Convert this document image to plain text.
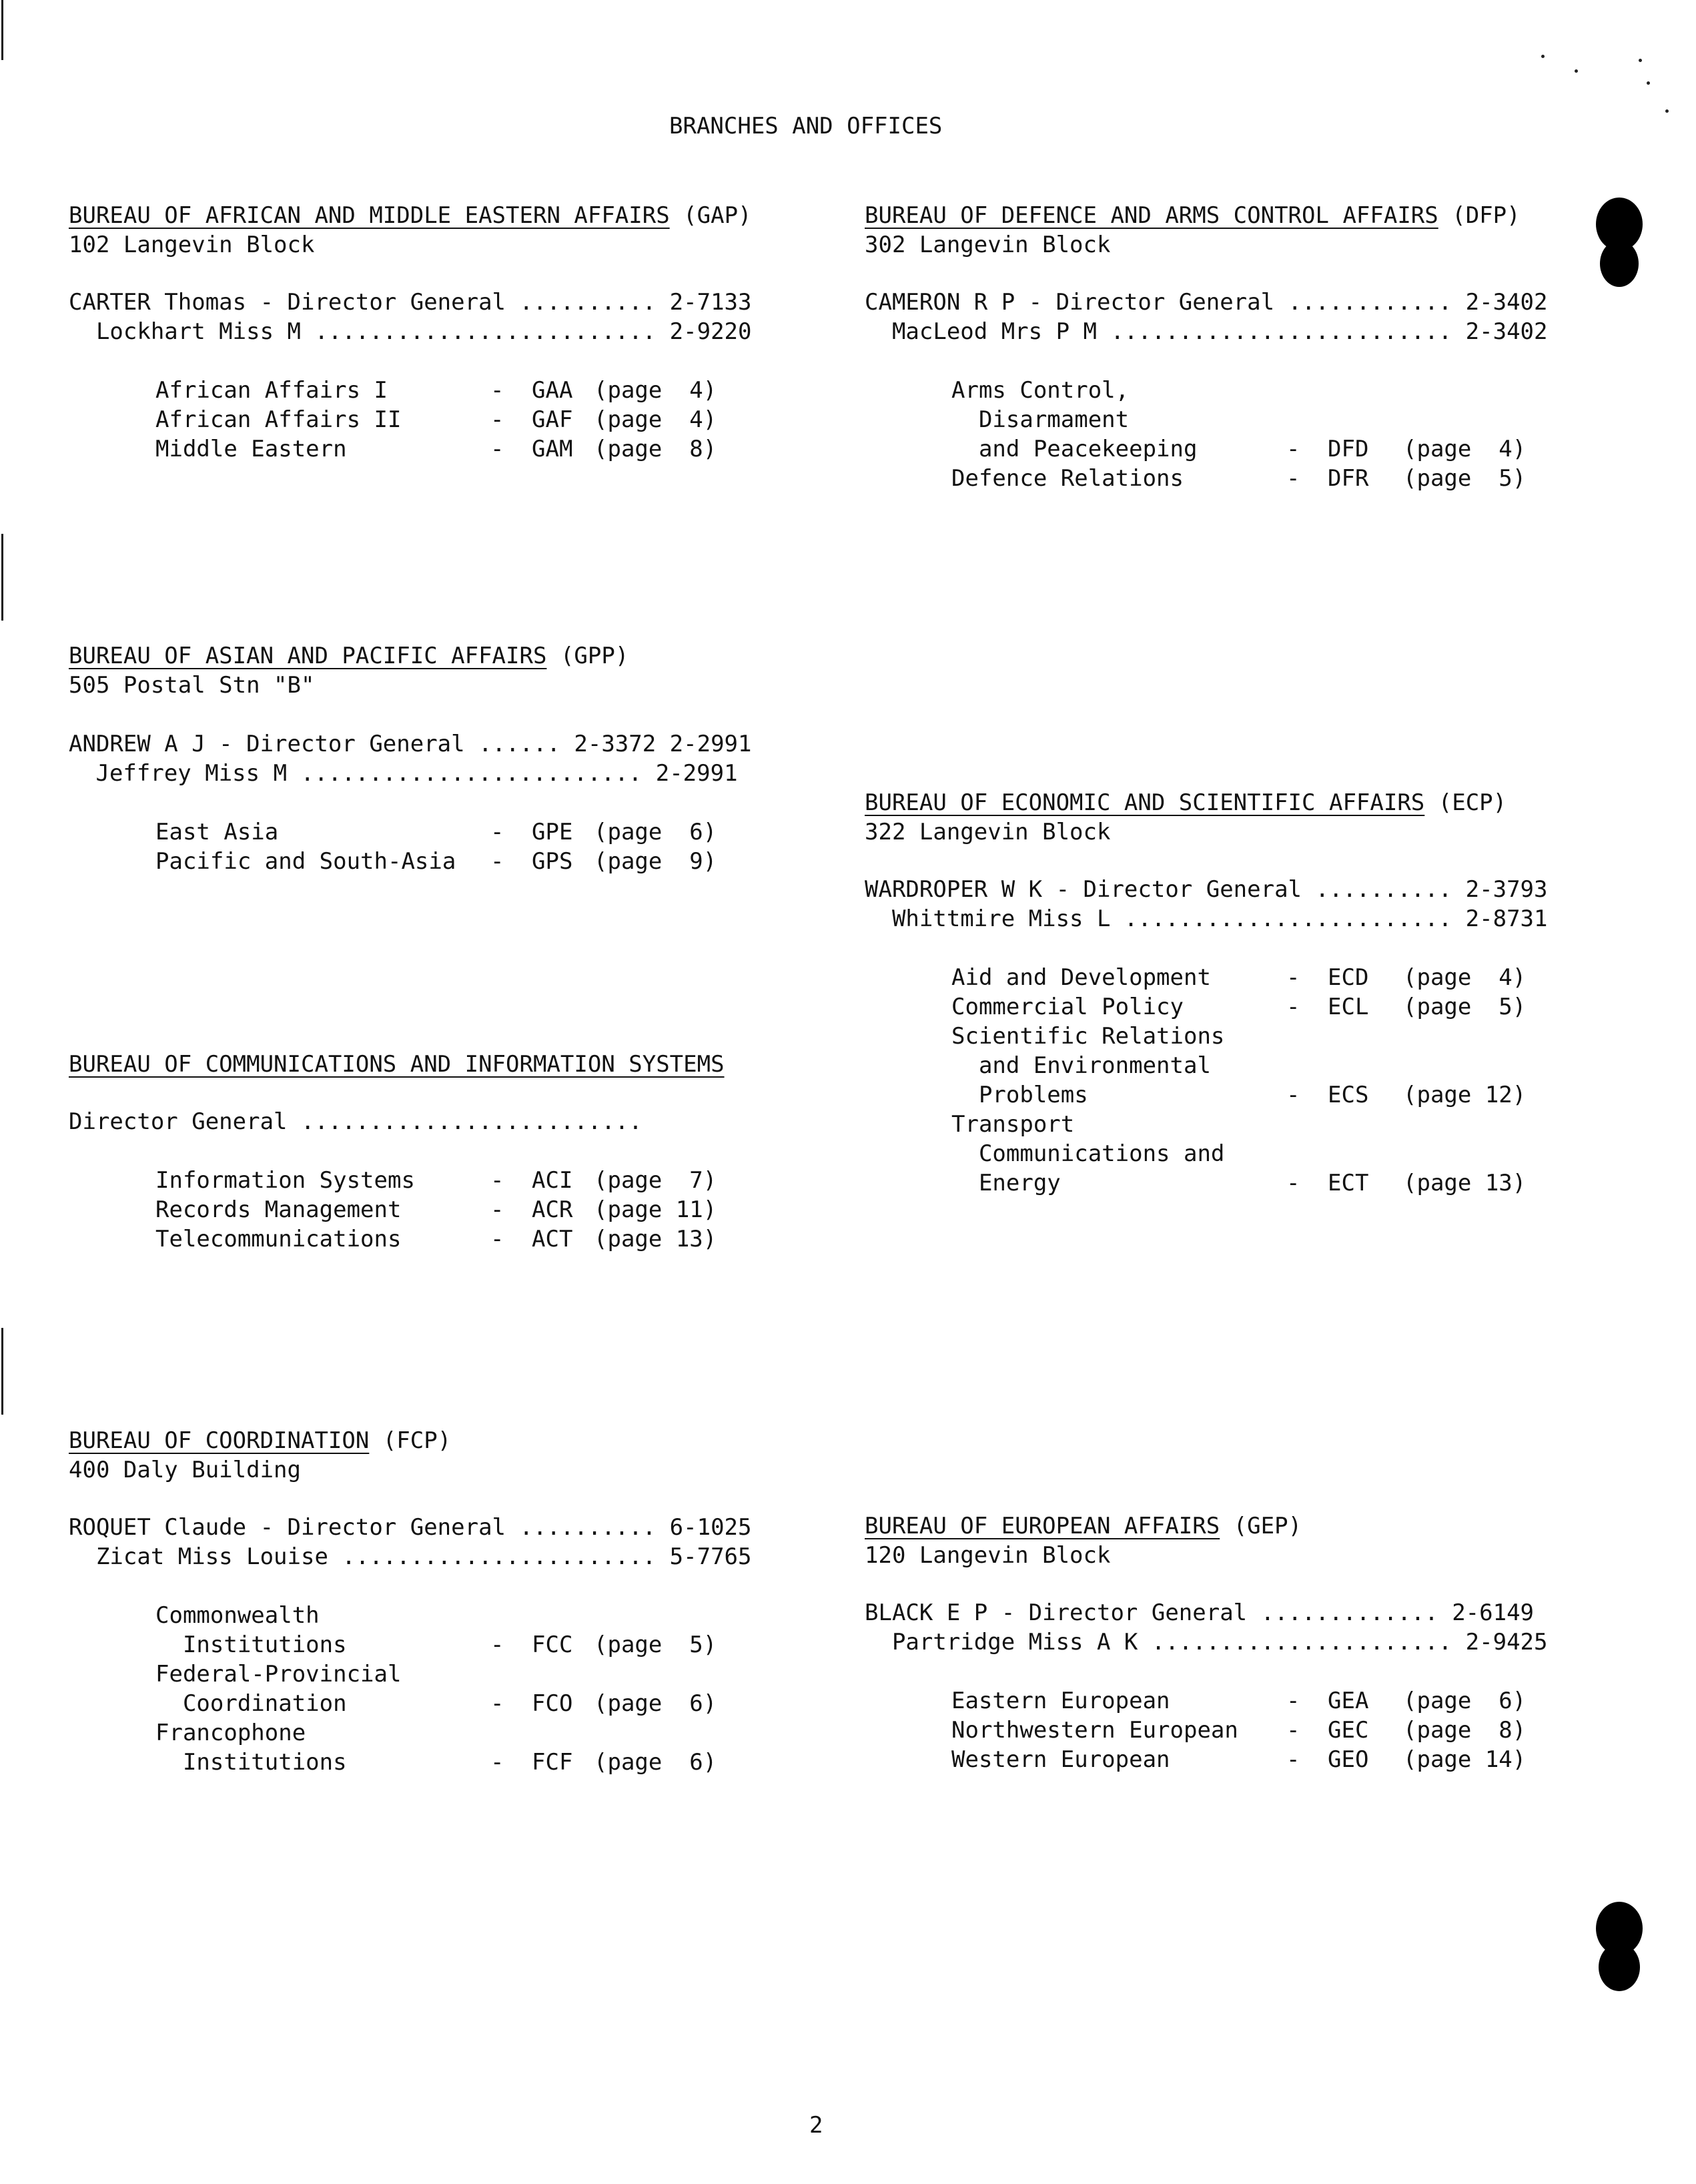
BRANCHES AND OFFICES
BUREAU OF AFRICAN AND MIDDLE EASTERN AFFAIRS (GAP)
102 Langevin Block
CARTER Thomas - Director General .......... 2-7133
Lockhart Miss M ......................... 2-9220
African Affairs I	- GAA (page  4)
African Affairs II	- GAF (page  4)
Middle Eastern	- GAM (page  8)
BUREAU OF DEFENCE AND ARMS CONTROL AFFAIRS (DFP)
302 Langevin Block
CAMERON R P - Director General ............ 2-3402
MacLeod Mrs P M ......................... 2-3402
Arms Control,
Disarmament
and Peacekeeping	- DFD (page  4)
Defence Relations	- DFR (page  5)
BUREAU OF ASIAN AND PACIFIC AFFAIRS (GPP)
505 Postal Stn "B"
ANDREW A J - Director General ...... 2-3372 2-2991
Jeffrey Miss M ......................... 2-2991
East Asia	- GPE (page  6)
Pacific and South-Asia - GPS (page  9)
BUREAU OF ECONOMIC AND SCIENTIFIC AFFAIRS (ECP)
322 Langevin Block
WARDROPER W K - Director General .......... 2-3793
Whittmire Miss L ........................ 2-8731
Aid and Development	- ECD (page  4)
Commercial Policy	- ECL (page  5)
Scientific Relations
and Environmental
Problems	- ECS (page 12)
Transport
Communications and
Energy	- ECT (page 13)
BUREAU OF COMMUNICATIONS AND INFORMATION SYSTEMS
Director General .........................
Information Systems	- ACI (page  7)
Records Management	- ACR (page 11)
Telecommunications	- ACT (page 13)
BUREAU OF COORDINATION (FCP)
400 Daly Building
ROQUET Claude - Director General .......... 6-1025
Zicat Miss Louise ....................... 5-7765
Commonwealth
Institutions	- FCC (page  5)
Federal-Provincial
Coordination	- FCO (page  6)
Francophone
Institutions	- FCF (page  6)
BUREAU OF EUROPEAN AFFAIRS (GEP)
120 Langevin Block
BLACK E P - Director General ............. 2-6149
Partridge Miss A K ...................... 2-9425
Eastern European	- GEA (page  6)
Northwestern European - GEC (page  8)
Western European	- GEO (page 14)
2
